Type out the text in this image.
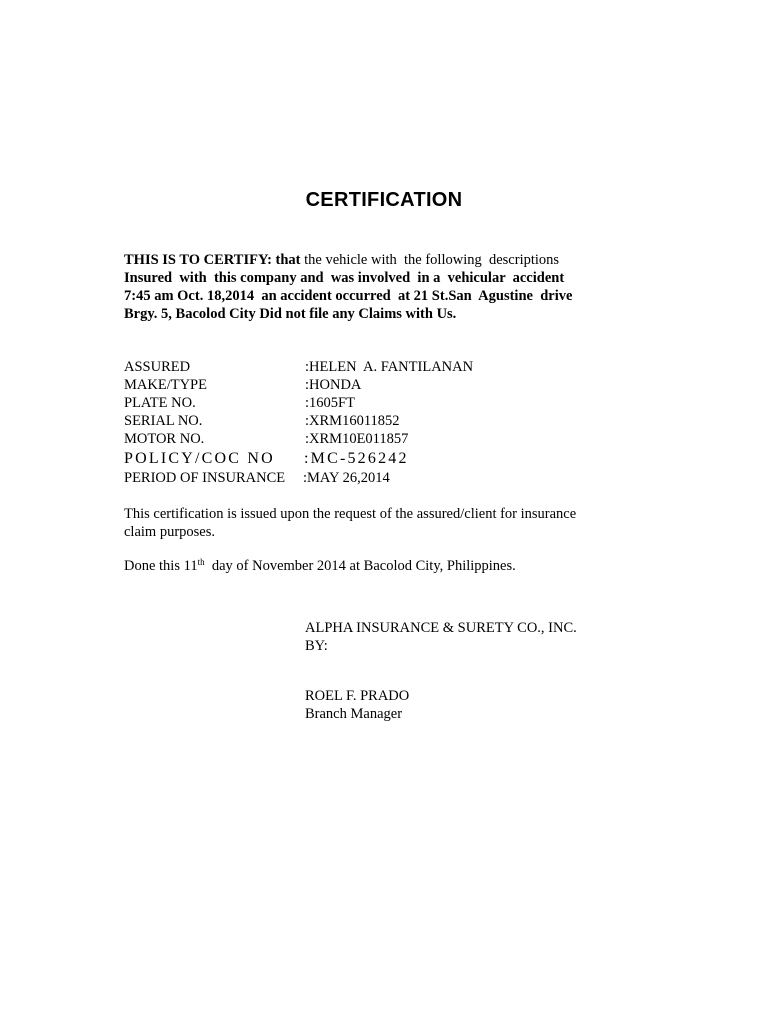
CERTIFICATION
THIS IS TO CERTIFY: that the vehicle with  the following  descriptions
Insured  with  this company and  was involved  in a  vehicular  accident
7:45 am Oct. 18,2014  an accident occurred  at 21 St.San  Agustine  drive
Brgy. 5, Bacolod City Did not file any Claims with Us.
ASSURED	:HELEN  A. FANTILANAN
MAKE/TYPE	:HONDA
PLATE NO.	:1605FT
SERIAL NO.	:XRM16011852
MOTOR NO.	:XRM10E011857
POLICY/COC NO :MC-526242
PERIOD OF INSURANCE :MAY 26,2014
This certification is issued upon the request of the assured/client for insurance claim purposes.
Done this 11th  day of November 2014 at Bacolod City, Philippines.
ALPHA INSURANCE & SURETY CO., INC.
BY:
ROEL F. PRADO
Branch Manager
